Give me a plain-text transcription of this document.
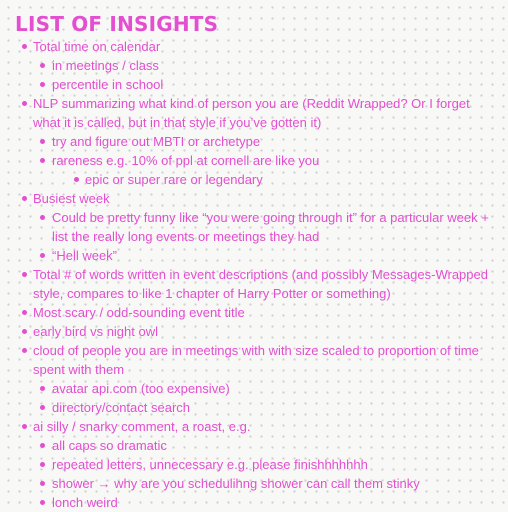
LIST OF INSIGHTS
Total time on calendar
in meetings / class
percentile in school
NLP summarizing what kind of person you are (Reddit Wrapped? Or I forget what it is called, but in that style if you’ve gotten it)
try and figure out MBTI or archetype
rareness e.g. 10% of ppl at cornell are like you
epic or super rare or legendary
Busiest week
Could be pretty funny like “you were going through it” for a particular week + list the really long events or meetings they had
“Hell week”
Total # of words written in event descriptions (and possibly Messages-Wrapped style, compares to like 1 chapter of Harry Potter or something)
Most scary / odd-sounding event title
early bird vs night owl
cloud of people you are in meetings with with size scaled to proportion of time spent with them
avatar api.com (too expensive)
directory/contact search
ai silly / snarky comment, a roast, e.g.
all caps so dramatic
repeated letters, unnecessary e.g. please finishhhhhhh
shower → why are you schedulihng shower can call them stinky
lonch weird
